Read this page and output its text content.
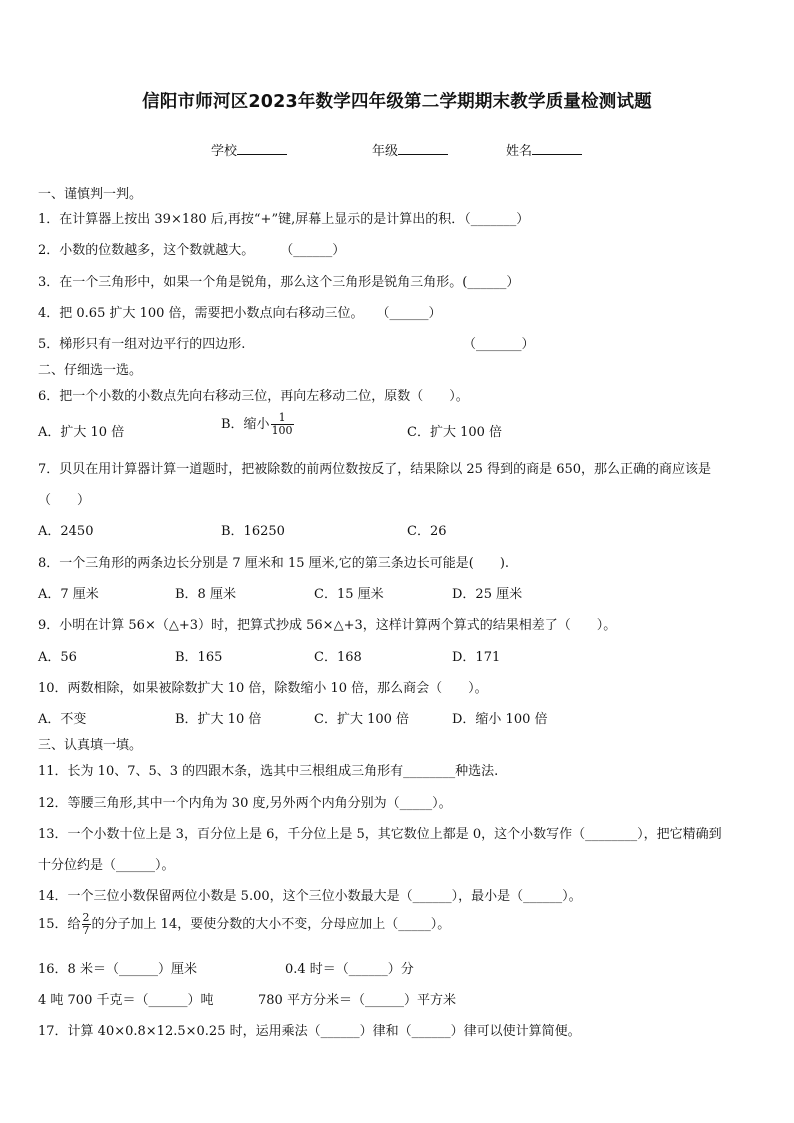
信阳市师河区2023年数学四年级第二学期期末教学质量检测试题
学校	年级	姓名
一、谨慎判一判。
1．在计算器上按出 39×180 后,再按“+”键,屏幕上显示的是计算出的积．（_______）
2．小数的位数越多，这个数就越大。　　　（______）
3．在一个三角形中，如果一个角是锐角，那么这个三角形是锐角三角形。(______）
4．把 0.65 扩大 100 倍，需要把小数点向右移动三位。　　（______）
5．梯形只有一组对边平行的四边形.	（_______）
二、仔细选一选。
6．把一个小数的小数点先向右移动三位，再向左移动二位，原数（　　）。
A．扩大 10 倍
B．缩小 $\frac{1}{100}$	C．扩大 100 倍
7．贝贝在用计算器计算一道题时，把被除数的前两位数按反了，结果除以 25 得到的商是 650，那么正确的商应该是
（　　）
A．2450	B．16250	C．26
8．一个三角形的两条边长分别是 7 厘米和 15 厘米,它的第三条边长可能是(　　).
A．7 厘米	B．8 厘米	C．15 厘米	D．25 厘米
9．小明在计算 56×（△+3）时，把算式抄成 56×△+3，这样计算两个算式的结果相差了（　　）。
A．56	B．165	C．168	D．171
10．两数相除，如果被除数扩大 10 倍，除数缩小 10 倍，那么商会（　　）。
A．不变	B．扩大 10 倍	C．扩大 100 倍	D．缩小 100 倍
三、认真填一填。
11．长为 10、7、5、3 的四跟木条，选其中三根组成三角形有________种选法.
12．等腰三角形,其中一个内角为 30 度,另外两个内角分别为（_____）。
13．一个小数十位上是 3，百分位上是 6，千分位上是 5，其它数位上都是 0，这个小数写作（________），把它精确到
十分位约是（______）。
14．一个三位小数保留两位小数是 5.00，这个三位小数最大是（______），最小是（______）。
15．给 $\frac{2}{7}$ 的分子加上 14，要使分数的大小不变，分母应加上（_____）。
16．8 米＝（______）厘米	0.4 时＝（______）分
4 吨 700 千克＝（______）吨	780 平方分米＝（______）平方米
17．计算 40×0.8×12.5×0.25 时，运用乘法（______）律和（______）律可以使计算简便。
